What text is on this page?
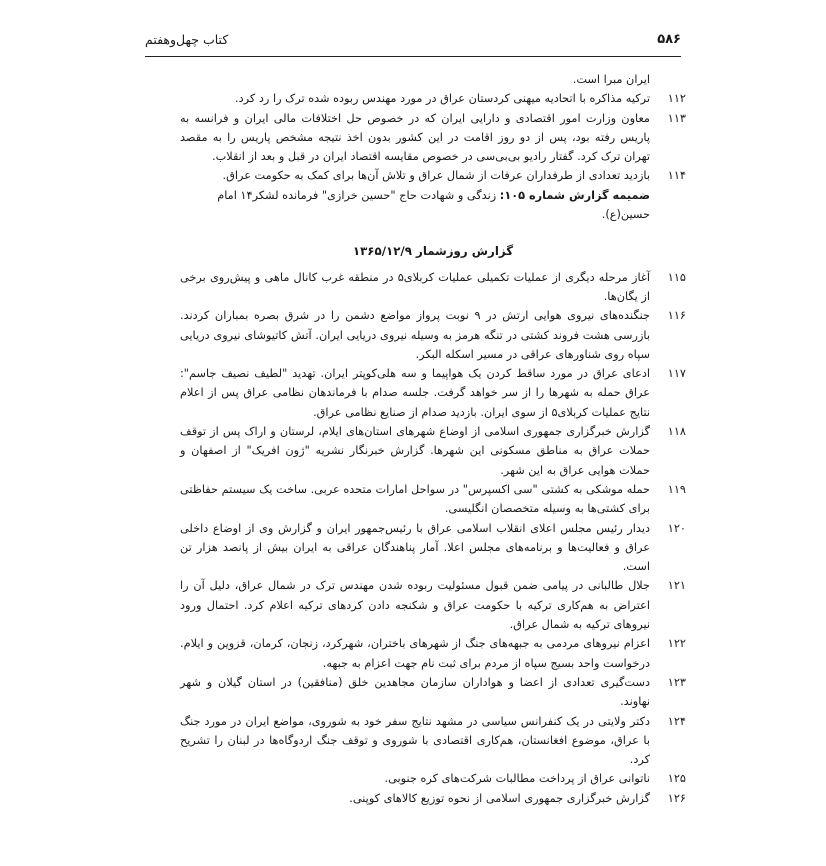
۵۸۶
کتاب چهل‌وهفتم
ایران مبرا است.
۱۱۲
ترکیه مذاکره با اتحادیه میهنی کردستان عراق در مورد مهندس ربوده شده ترک را رد کرد.
۱۱۳
معاون وزارت امور اقتصادی و دارایی ایران که در خصوص حل اختلافات مالی ایران و فرانسه به پاریس رفته بود، پس از دو روز اقامت در این کشور بدون اخذ نتیجه مشخص پاریس را به مقصد تهران ترک کرد. گفتار رادیو بی‌بی‌سی در خصوص مقایسه اقتصاد ایران در قبل و بعد از انقلاب.
۱۱۴
بازدید تعدادی از طرفداران عرفات از شمال عراق و تلاش آن‌ها برای کمک به حکومت عراق.
ضمیمه گزارش شماره ۱۰۵: زندگی و شهادت حاج "حسین خرازی" فرمانده لشکر۱۴ امام حسین(ع).
گزارش روزشمار ۱۳۶۵/۱۲/۹
۱۱۵
آغاز مرحله دیگری از عملیات تکمیلی عملیات کربلای۵ در منطقه غرب کانال ماهی و پیش‌روی برخی از یگان‌ها.
۱۱۶
جنگنده‌های نیروی هوایی ارتش در ۹ نوبت پرواز مواضع دشمن را در شرق بصره بمباران کردند. بازرسی هشت فروند کشتی در تنگه هرمز به وسیله نیروی دریایی ایران. آتش کاتیوشای نیروی دریایی سپاه روی شناورهای عراقی در مسیر اسکله البکر.
۱۱۷
ادعای عراق در مورد ساقط کردن یک هواپیما و سه هلی‌کوپتر ایران. تهدید "لطیف نصیف جاسم": عراق حمله به شهرها را از سر خواهد گرفت. جلسه صدام با فرماندهان نظامی عراق پس از اعلام نتایج عملیات کربلای۵ از سوی ایران. بازدید صدام از صنایع نظامی عراق.
۱۱۸
گزارش خبرگزاری جمهوری اسلامی از اوضاع شهرهای استان‌های ایلام، لرستان و اراک پس از توقف حملات عراق به مناطق مسکونی این شهرها. گزارش خبرنگار نشریه "ژون افریک" از اصفهان و حملات هوایی عراق به این شهر.
۱۱۹
حمله موشکی به کشتی "سی اکسپرس" در سواحل امارات متحده عربی. ساخت یک سیستم حفاظتی برای کشتی‌ها به وسیله متخصصان انگلیسی.
۱۲۰
دیدار رئیس مجلس اعلای انقلاب اسلامی عراق با رئیس‌جمهور ایران و گزارش وی از اوضاع داخلی عراق و فعالیت‌ها و برنامه‌های مجلس اعلا. آمار پناهندگان عراقی به ایران بیش از پانصد هزار تن است.
۱۲۱
جلال طالبانی در پیامی ضمن قبول مسئولیت ربوده شدن مهندس ترک در شمال عراق، دلیل آن را اعتراض به هم‌کاری ترکیه با حکومت عراق و شکنجه دادن کردهای ترکیه اعلام کرد. احتمال ورود نیروهای ترکیه به شمال عراق.
۱۲۲
اعزام نیروهای مردمی به جبهه‌های جنگ از شهرهای باختران، شهرکرد، زنجان، کرمان، قزوین و ایلام. درخواست واحد بسیج سپاه از مردم برای ثبت نام جهت اعزام به جبهه.
۱۲۳
دست‌گیری تعدادی از اعضا و هواداران سازمان مجاهدین خلق (منافقین) در استان گیلان و شهر نهاوند.
۱۲۴
دکتر ولایتی در یک کنفرانس سیاسی در مشهد نتایج سفر خود به شوروی، مواضع ایران در مورد جنگ با عراق، موضوع افغانستان، هم‌کاری اقتصادی با شوروی و توقف جنگ اردوگاه‌ها در لبنان را تشریح کرد.
۱۲۵
ناتوانی عراق از پرداخت مطالبات شرکت‌های کره جنوبی.
۱۲۶
گزارش خبرگزاری جمهوری اسلامی از نحوه توزیع کالاهای کوپنی.
